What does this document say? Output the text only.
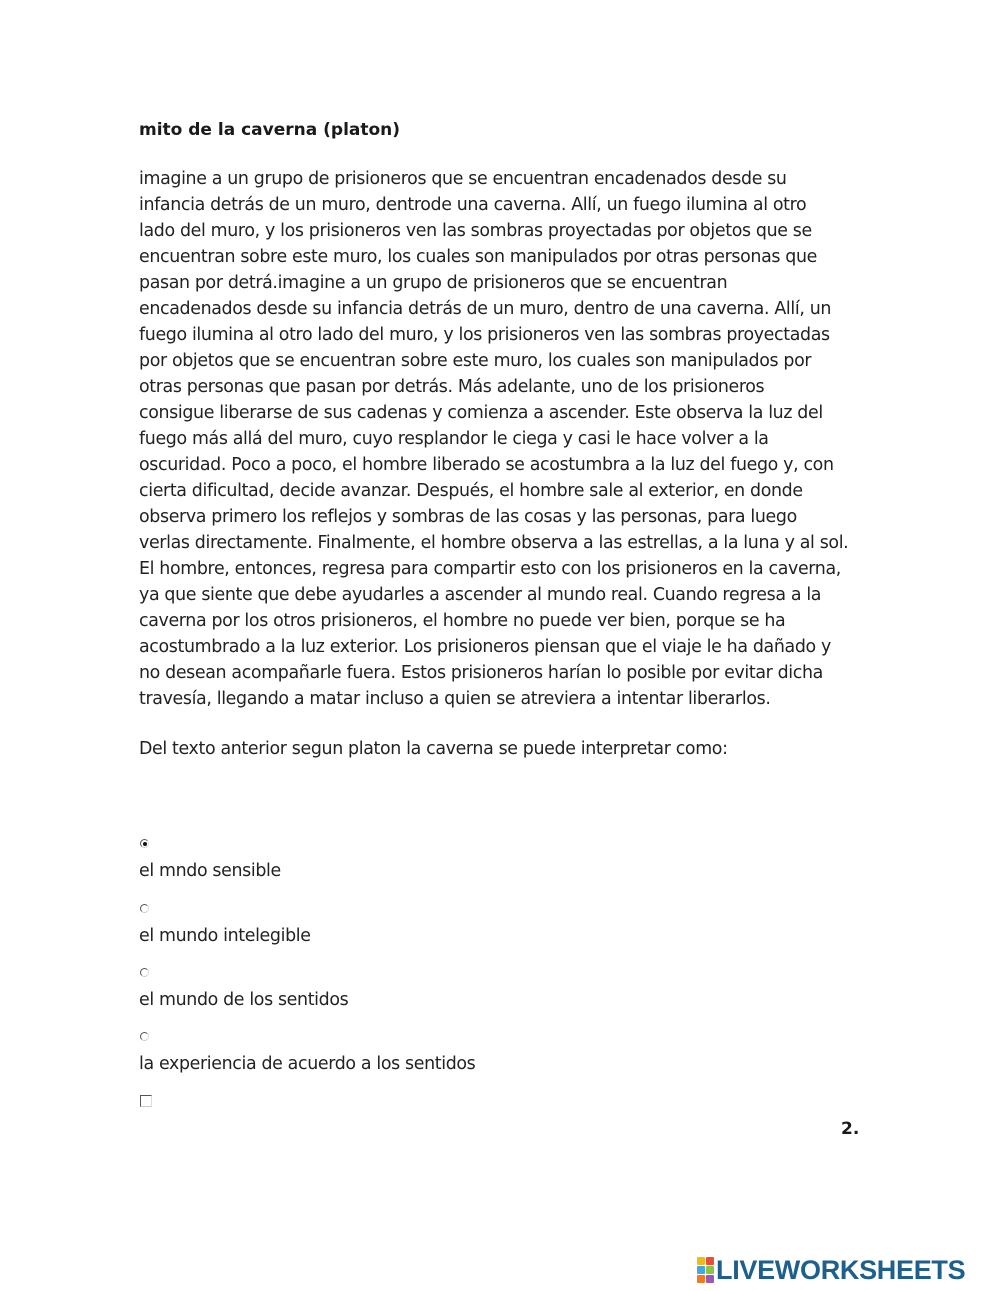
mito de la caverna (platon)
imagine a un grupo de prisioneros que se encuentran encadenados desde su
infancia detrás de un muro, dentrode una caverna. Allí, un fuego ilumina al otro
lado del muro, y los prisioneros ven las sombras proyectadas por objetos que se
encuentran sobre este muro, los cuales son manipulados por otras personas que
pasan por detrá.imagine a un grupo de prisioneros que se encuentran
encadenados desde su infancia detrás de un muro, dentro de una caverna. Allí, un
fuego ilumina al otro lado del muro, y los prisioneros ven las sombras proyectadas
por objetos que se encuentran sobre este muro, los cuales son manipulados por
otras personas que pasan por detrás. Más adelante, uno de los prisioneros
consigue liberarse de sus cadenas y comienza a ascender. Este observa la luz del
fuego más allá del muro, cuyo resplandor le ciega y casi le hace volver a la
oscuridad. Poco a poco, el hombre liberado se acostumbra a la luz del fuego y, con
cierta dificultad, decide avanzar. Después, el hombre sale al exterior, en donde
observa primero los reflejos y sombras de las cosas y las personas, para luego
verlas directamente. Finalmente, el hombre observa a las estrellas, a la luna y al sol.
El hombre, entonces, regresa para compartir esto con los prisioneros en la caverna,
ya que siente que debe ayudarles a ascender al mundo real. Cuando regresa a la
caverna por los otros prisioneros, el hombre no puede ver bien, porque se ha
acostumbrado a la luz exterior. Los prisioneros piensan que el viaje le ha dañado y
no desean acompañarle fuera. Estos prisioneros harían lo posible por evitar dicha
travesía, llegando a matar incluso a quien se atreviera a intentar liberarlos.
Del texto anterior segun platon la caverna se puede interpretar como:
el mndo sensible
el mundo intelegible
el mundo de los sentidos
la experiencia de acuerdo a los sentidos
2.
LIVEWORKSHEETS
